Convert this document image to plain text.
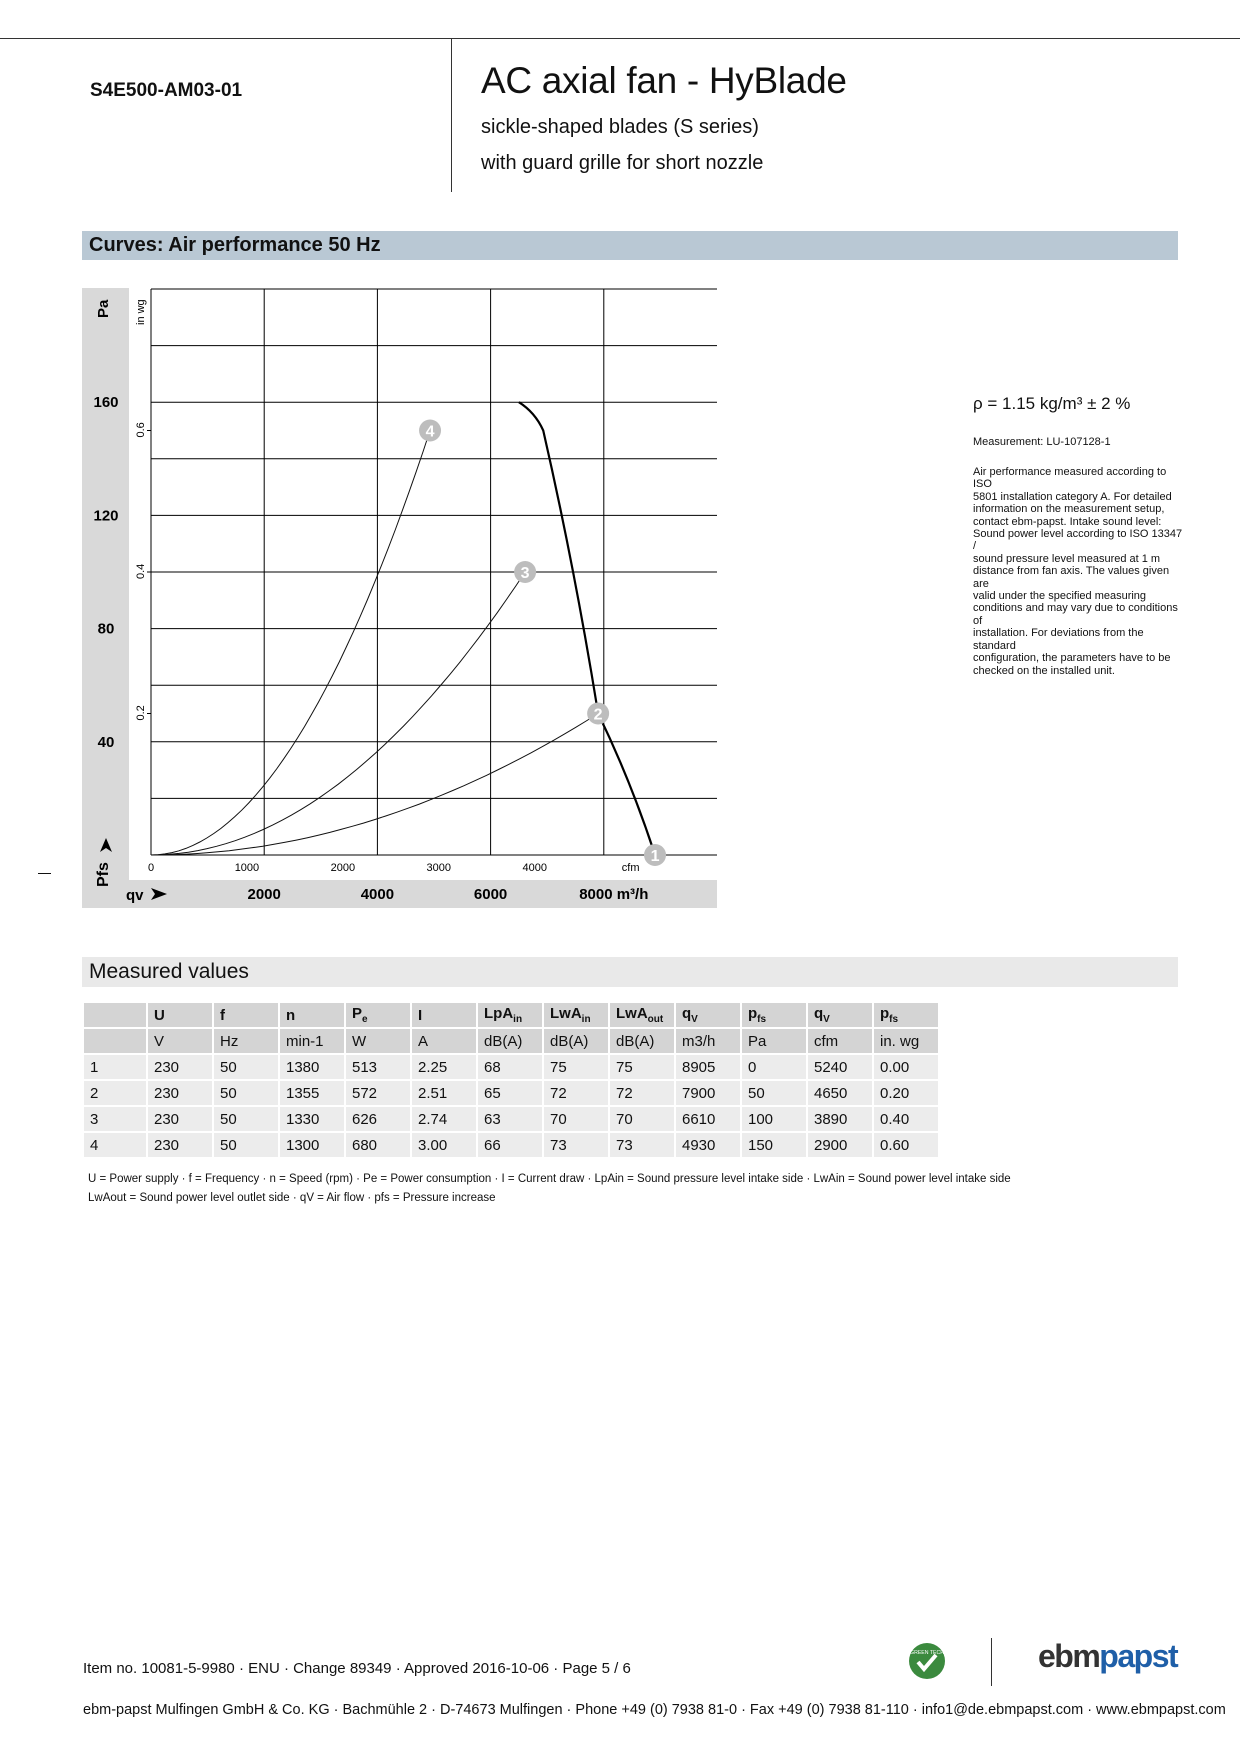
S4E500-AM03-01	AC axial fan - HyBlade
sickle-shaped blades (S series)
with guard grille for short nozzle
Curves: Air performance 50 Hz
1
2
3
4
40
80
120
160
0.2
0.4
0.6
2000	4000	6000	8000 m³/h
0	1000	2000	3000	4000	cfm
Pa in wg
Pfs
qv
ρ = 1.15 kg/m³ ± 2 %
Measurement: LU-107128-1
Air performance measured according to ISO
5801 installation category A. For detailed
information on the measurement setup,
contact ebm-papst. Intake sound level:
Sound power level according to ISO 13347 /
sound pressure level measured at 1 m
distance from fan axis. The values given are
valid under the specified measuring
conditions and may vary due to conditions of
installation. For deviations from the standard
configuration, the parameters have to be
checked on the installed unit.
Measured values
	U	f	n	$P_e$	I	LpA$_{in}$	LwA$_{in}$	LwA$_{out}$	$q_V$	$p_{fs}$	$q_V$	$p_{fs}$
	V	Hz	min-1	W	A	dB(A)	dB(A)	dB(A)	m3/h	Pa	cfm	in. wg
1	230	50	1380	513	2.25	68	75	75	8905	0	5240	0.00
2	230	50	1355	572	2.51	65	72	72	7900	50	4650	0.20
3	230	50	1330	626	2.74	63	70	70	6610	100	3890	0.40
4	230	50	1300	680	3.00	66	73	73	4930	150	2900	0.60
U = Power supply · f = Frequency · n = Speed (rpm) · Pe = Power consumption · I = Current draw · LpAin = Sound pressure level intake side · LwAin = Sound power level intake side
LwAout = Sound power level outlet side · qV = Air flow · pfs = Pressure increase
Item no. 10081-5-9980 · ENU · Change 89349 · Approved 2016-10-06 · Page 5 / 6
ebm-papst Mulfingen GmbH & Co. KG · Bachmühle 2 · D-74673 Mulfingen · Phone +49 (0) 7938 81-0 · Fax +49 (0) 7938 81-110 · info1@de.ebmpapst.com · www.ebmpapst.com
GREEN TECH	ebmpapst
